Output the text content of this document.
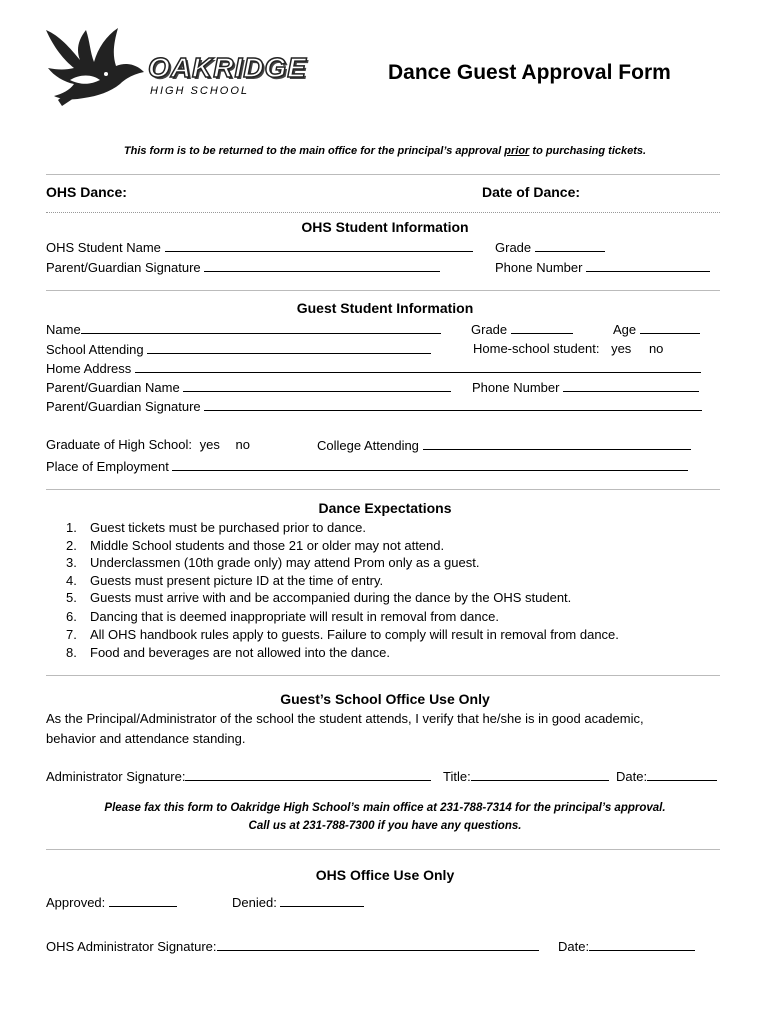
OAKRIDGE
HIGH SCHOOL
Dance Guest Approval Form
This form is to be returned to the main office for the principal’s approval prior to purchasing tickets.
OHS Dance:	Date of Dance:
OHS Student Information
OHS Student Name	Grade
Parent/Guardian Signature	Phone Number
Guest Student Information
Name	Grade	Age
School Attending	Home-school student: yes no
Home Address
Parent/Guardian Name	Phone Number
Parent/Guardian Signature
Graduate of High School: yes no	College Attending
Place of Employment
Dance Expectations
1. Guest tickets must be purchased prior to dance.
2. Middle School students and those 21 or older may not attend.
3. Underclassmen (10th grade only) may attend Prom only as a guest.
4. Guests must present picture ID at the time of entry.
5. Guests must arrive with and be accompanied during the dance by the OHS student.
6. Dancing that is deemed inappropriate will result in removal from dance.
7. All OHS handbook rules apply to guests. Failure to comply will result in removal from dance.
8. Food and beverages are not allowed into the dance.
Guest’s School Office Use Only
As the Principal/Administrator of the school the student attends, I verify that he/she is in good academic,
behavior and attendance standing.
Administrator Signature:	Title:	Date:
Please fax this form to Oakridge High School’s main office at 231-788-7314 for the principal’s approval.
Call us at 231-788-7300 if you have any questions.
OHS Office Use Only
Approved:	Denied:
OHS Administrator Signature:	Date:
